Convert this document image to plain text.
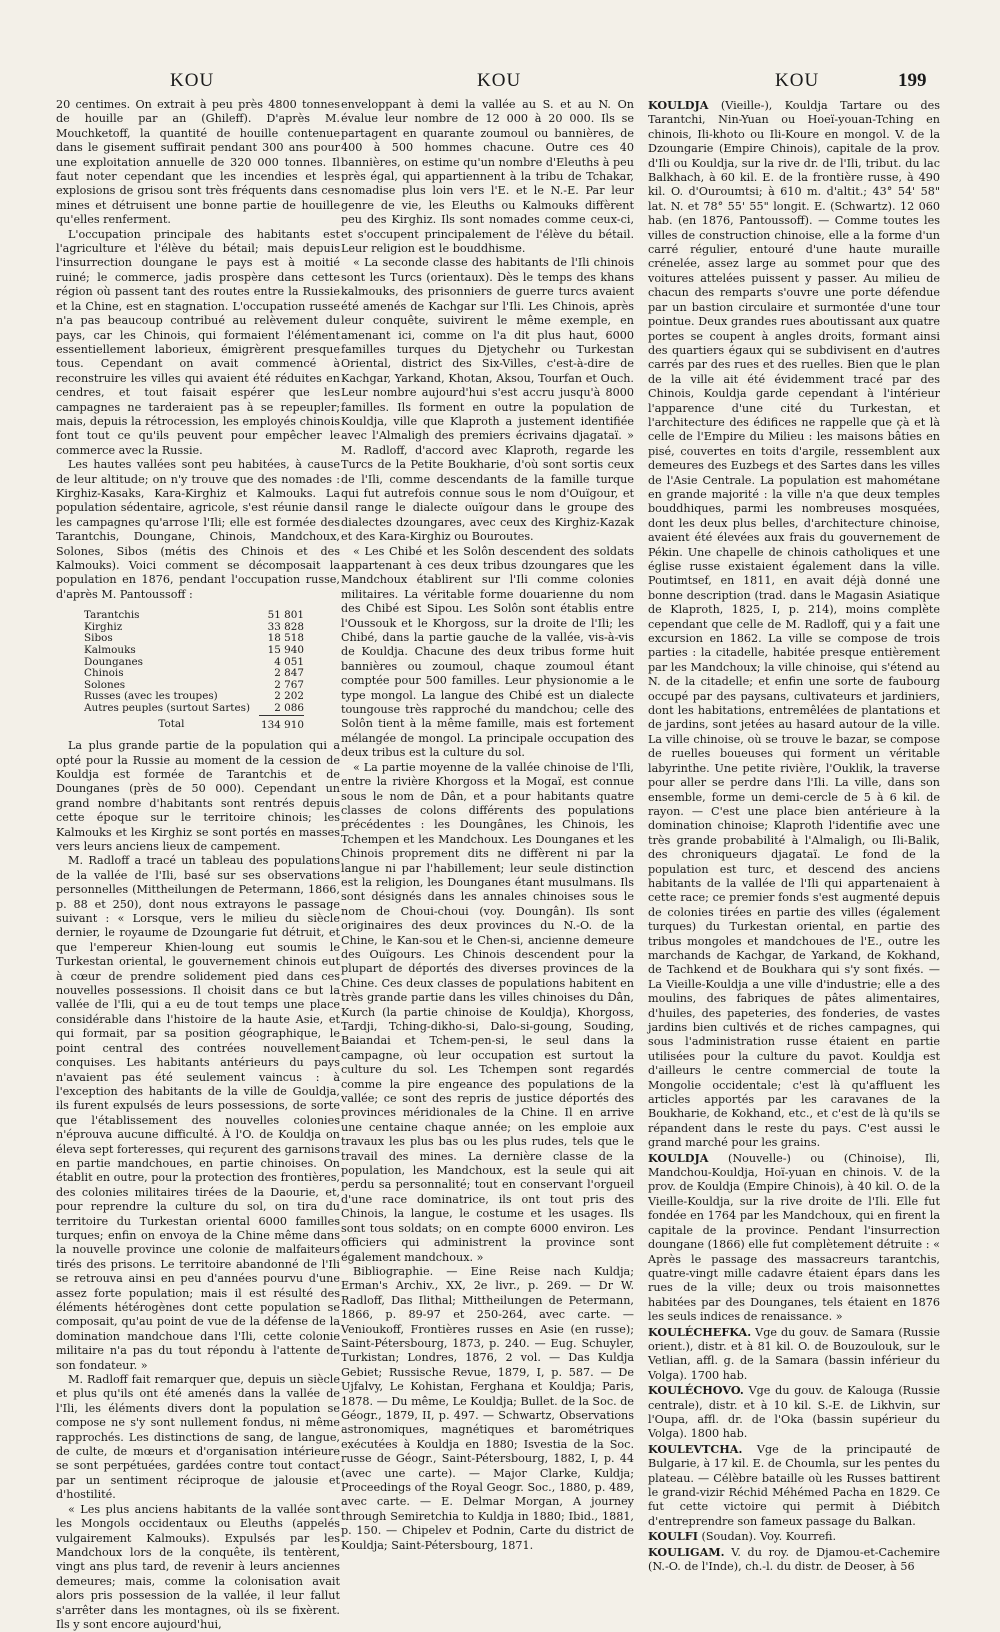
KOU	KOU	KOU	199

20 centimes. On extrait à peu près 4800 tonnes de houille par an (Ghileff). D'après M. Mouchketoff, la quantité de houille contenue dans le gisement suffirait pendant 300 ans pour une exploitation annuelle de 320 000 tonnes. Il faut noter cependant que les incendies et les explosions de grisou sont très fréquents dans ces mines et détruisent une bonne partie de houille qu'elles renferment.

L'occupation principale des habitants est l'agriculture et l'élève du bétail; mais depuis l'insurrection doungane le pays est à moitié ruiné; le commerce, jadis prospère dans cette région où passent tant des routes entre la Russie et la Chine, est en stagnation. L'occupation russe n'a pas beaucoup contribué au relèvement du pays, car les Chinois, qui formaient l'élément essentiellement laborieux, émigrèrent presque tous. Cependant on avait commencé à reconstruire les villes qui avaient été réduites en cendres, et tout faisait espérer que les campagnes ne tarderaient pas à se repeupler; mais, depuis la rétrocession, les employés chinois font tout ce qu'ils peuvent pour empêcher le commerce avec la Russie.

Les hautes vallées sont peu habitées, à cause de leur altitude; on n'y trouve que des nomades : Kirghiz-Kasaks, Kara-Kirghiz et Kalmouks. La population sédentaire, agricole, s'est réunie dans les campagnes qu'arrose l'Ili; elle est formée des Tarantchis, Doungane, Chinois, Mandchoux, Solones, Sibos (métis des Chinois et des Kalmouks). Voici comment se décomposait la population en 1876, pendant l'occupation russe, d'après M. Pantoussoff :

Tarantchis	51 801
Kirghiz	33 828
Sibos	18 518
Kalmouks	15 940
Dounganes	4 051
Chinois	2 847
Solones	2 767
Russes (avec les troupes)	2 202
Autres peuples (surtout Sartes)	2 086
Total	134 910

La plus grande partie de la population qui a opté pour la Russie au moment de la cession de Kouldja est formée de Tarantchis et de Dounganes (près de 50 000). Cependant un grand nombre d'habitants sont rentrés depuis cette époque sur le territoire chinois; les Kalmouks et les Kirghiz se sont portés en masses vers leurs anciens lieux de campement.

M. Radloff a tracé un tableau des populations de la vallée de l'Ili, basé sur ses observations personnelles (Mittheilungen de Petermann, 1866, p. 88 et 250), dont nous extrayons le passage suivant : « Lorsque, vers le milieu du siècle dernier, le royaume de Dzoungarie fut détruit, et que l'empereur Khien-loung eut soumis le Turkestan oriental, le gouvernement chinois eut à cœur de prendre solidement pied dans ces nouvelles possessions. Il choisit dans ce but la vallée de l'Ili, qui a eu de tout temps une place considérable dans l'histoire de la haute Asie, et qui formait, par sa position géographique, le point central des contrées nouvellement conquises. Les habitants antérieurs du pays n'avaient pas été seulement vaincus : à l'exception des habitants de la ville de Gouldja, ils furent expulsés de leurs possessions, de sorte que l'établissement des nouvelles colonies n'éprouva aucune difficulté. À l'O. de Kouldja on éleva sept forteresses, qui reçurent des garnisons en partie mandchoues, en partie chinoises. On établit en outre, pour la protection des frontières, des colonies militaires tirées de la Daourie, et, pour reprendre la culture du sol, on tira du territoire du Turkestan oriental 6000 familles turques; enfin on envoya de la Chine même dans la nouvelle province une colonie de malfaiteurs tirés des prisons. Le territoire abandonné de l'Ili se retrouva ainsi en peu d'années pourvu d'une assez forte population; mais il est résulté des éléments hétérogènes dont cette population se composait, qu'au point de vue de la défense de la domination mandchoue dans l'Ili, cette colonie militaire n'a pas du tout répondu à l'attente de son fondateur. »

M. Radloff fait remarquer que, depuis un siècle et plus qu'ils ont été amenés dans la vallée de l'Ili, les éléments divers dont la population se compose ne s'y sont nullement fondus, ni même rapprochés. Les distinctions de sang, de langue, de culte, de mœurs et d'organisation intérieure se sont perpétuées, gardées contre tout contact par un sentiment réciproque de jalousie et d'hostilité.

« Les plus anciens habitants de la vallée sont les Mongols occidentaux ou Eleuths (appelés vulgairement Kalmouks). Expulsés par les Mandchoux lors de la conquête, ils tentèrent, vingt ans plus tard, de revenir à leurs anciennes demeures; mais, comme la colonisation avait alors pris possession de la vallée, il leur fallut s'arrêter dans les montagnes, où ils se fixèrent. Ils y sont encore aujourd'hui,

enveloppant à demi la vallée au S. et au N. On évalue leur nombre de 12 000 à 20 000. Ils se partagent en quarante zoumoul ou bannières, de 400 à 500 hommes chacune. Outre ces 40 bannières, on estime qu'un nombre d'Eleuths à peu près égal, qui appartiennent à la tribu de Tchakar, nomadise plus loin vers l'E. et le N.-E. Par leur genre de vie, les Eleuths ou Kalmouks diffèrent peu des Kirghiz. Ils sont nomades comme ceux-ci, et s'occupent principalement de l'élève du bétail. Leur religion est le bouddhisme.

« La seconde classe des habitants de l'Ili chinois sont les Turcs (orientaux). Dès le temps des khans kalmouks, des prisonniers de guerre turcs avaient été amenés de Kachgar sur l'Ili. Les Chinois, après leur conquête, suivirent le même exemple, en amenant ici, comme on l'a dit plus haut, 6000 familles turques du Djetychehr ou Turkestan Oriental, district des Six-Villes, c'est-à-dire de Kachgar, Yarkand, Khotan, Aksou, Tourfan et Ouch. Leur nombre aujourd'hui s'est accru jusqu'à 8000 familles. Ils forment en outre la population de Kouldja, ville que Klaproth a justement identifiée avec l'Almaligh des premiers écrivains djagataï. » M. Radloff, d'accord avec Klaproth, regarde les Turcs de la Petite Boukharie, d'où sont sortis ceux de l'Ili, comme descendants de la famille turque qui fut autrefois connue sous le nom d'Ouïgour, et il range le dialecte ouïgour dans le groupe des dialectes dzoungares, avec ceux des Kirghiz-Kazak et des Kara-Kirghiz ou Bouroutes.

« Les Chibé et les Solôn descendent des soldats appartenant à ces deux tribus dzoungares que les Mandchoux établirent sur l'Ili comme colonies militaires. La véritable forme douarienne du nom des Chibé est Sipou. Les Solôn sont établis entre l'Oussouk et le Khorgoss, sur la droite de l'Ili; les Chibé, dans la partie gauche de la vallée, vis-à-vis de Kouldja. Chacune des deux tribus forme huit bannières ou zoumoul, chaque zoumoul étant comptée pour 500 familles. Leur physionomie a le type mongol. La langue des Chibé est un dialecte toungouse très rapproché du mandchou; celle des Solôn tient à la même famille, mais est fortement mélangée de mongol. La principale occupation des deux tribus est la culture du sol.

« La partie moyenne de la vallée chinoise de l'Ili, entre la rivière Khorgoss et la Mogaï, est connue sous le nom de Dân, et a pour habitants quatre classes de colons différents des populations précédentes : les Doungânes, les Chinois, les Tchempen et les Mandchoux. Les Dounganes et les Chinois proprement dits ne diffèrent ni par la langue ni par l'habillement; leur seule distinction est la religion, les Dounganes étant musulmans. Ils sont désignés dans les annales chinoises sous le nom de Choui-choui (voy. Doungân). Ils sont originaires des deux provinces du N.-O. de la Chine, le Kan-sou et le Chen-si, ancienne demeure des Ouïgours. Les Chinois descendent pour la plupart de déportés des diverses provinces de la Chine. Ces deux classes de populations habitent en très grande partie dans les villes chinoises du Dân, Kurch (la partie chinoise de Kouldja), Khorgoss, Tardji, Tching-dikho-si, Dalo-si-goung, Souding, Baiandai et Tchem-pen-si, le seul dans la campagne, où leur occupation est surtout la culture du sol. Les Tchempen sont regardés comme la pire engeance des populations de la vallée; ce sont des repris de justice déportés des provinces méridionales de la Chine. Il en arrive une centaine chaque année; on les emploie aux travaux les plus bas ou les plus rudes, tels que le travail des mines. La dernière classe de la population, les Mandchoux, est la seule qui ait perdu sa personnalité; tout en conservant l'orgueil d'une race dominatrice, ils ont tout pris des Chinois, la langue, le costume et les usages. Ils sont tous soldats; on en compte 6000 environ. Les officiers qui administrent la province sont également mandchoux. »

Bibliographie. — Eine Reise nach Kuldja; Erman's Archiv., XX, 2e livr., p. 269. — Dr W. Radloff, Das Ilithal; Mittheilungen de Petermann, 1866, p. 89-97 et 250-264, avec carte. — Venioukoff, Frontières russes en Asie (en russe); Saint-Pétersbourg, 1873, p. 240. — Eug. Schuyler, Turkistan; Londres, 1876, 2 vol. — Das Kuldja Gebiet; Russische Revue, 1879, I, p. 587. — De Ujfalvy, Le Kohistan, Ferghana et Kouldja; Paris, 1878. — Du même, Le Kouldja; Bullet. de la Soc. de Géogr., 1879, II, p. 497. — Schwartz, Observations astronomiques, magnétiques et barométriques exécutées à Kouldja en 1880; Isvestia de la Soc. russe de Géogr., Saint-Pétersbourg, 1882, I, p. 44 (avec une carte). — Major Clarke, Kuldja; Proceedings of the Royal Geogr. Soc., 1880, p. 489, avec carte. — E. Delmar Morgan, A journey through Semiretchia to Kuldja in 1880; Ibid., 1881, p. 150. — Chipelev et Podnin, Carte du district de Kouldja; Saint-Pétersbourg, 1871.

KOULDJA (Vieille-), Kouldja Tartare ou des Tarantchi, Nin-Yuan ou Hoeï-youan-Tching en chinois, Ili-khoto ou Ili-Koure en mongol. V. de la Dzoungarie (Empire Chinois), capitale de la prov. d'Ili ou Kouldja, sur la rive dr. de l'Ili, tribut. du lac Balkhach, à 60 kil. E. de la frontière russe, à 490 kil. O. d'Ouroumtsi; à 610 m. d'altit.; 43° 54' 58" lat. N. et 78° 55' 55" longit. E. (Schwartz). 12 060 hab. (en 1876, Pantoussoff). — Comme toutes les villes de construction chinoise, elle a la forme d'un carré régulier, entouré d'une haute muraille crénelée, assez large au sommet pour que des voitures attelées puissent y passer. Au milieu de chacun des remparts s'ouvre une porte défendue par un bastion circulaire et surmontée d'une tour pointue. Deux grandes rues aboutissant aux quatre portes se coupent à angles droits, formant ainsi des quartiers égaux qui se subdivisent en d'autres carrés par des rues et des ruelles. Bien que le plan de la ville ait été évidemment tracé par des Chinois, Kouldja garde cependant à l'intérieur l'apparence d'une cité du Turkestan, et l'architecture des édifices ne rappelle que çà et là celle de l'Empire du Milieu : les maisons bâties en pisé, couvertes en toits d'argile, ressemblent aux demeures des Euzbegs et des Sartes dans les villes de l'Asie Centrale. La population est mahométane en grande majorité : la ville n'a que deux temples bouddhiques, parmi les nombreuses mosquées, dont les deux plus belles, d'architecture chinoise, avaient été élevées aux frais du gouvernement de Pékin. Une chapelle de chinois catholiques et une église russe existaient également dans la ville. Poutimtsef, en 1811, en avait déjà donné une bonne description (trad. dans le Magasin Asiatique de Klaproth, 1825, I, p. 214), moins complète cependant que celle de M. Radloff, qui y a fait une excursion en 1862. La ville se compose de trois parties : la citadelle, habitée presque entièrement par les Mandchoux; la ville chinoise, qui s'étend au N. de la citadelle; et enfin une sorte de faubourg occupé par des paysans, cultivateurs et jardiniers, dont les habitations, entremêlées de plantations et de jardins, sont jetées au hasard autour de la ville. La ville chinoise, où se trouve le bazar, se compose de ruelles boueuses qui forment un véritable labyrinthe. Une petite rivière, l'Ouklik, la traverse pour aller se perdre dans l'Ili. La ville, dans son ensemble, forme un demi-cercle de 5 à 6 kil. de rayon. — C'est une place bien antérieure à la domination chinoise; Klaproth l'identifie avec une très grande probabilité à l'Almaligh, ou Ili-Balik, des chroniqueurs djagataï. Le fond de la population est turc, et descend des anciens habitants de la vallée de l'Ili qui appartenaient à cette race; ce premier fonds s'est augmenté depuis de colonies tirées en partie des villes (également turques) du Turkestan oriental, en partie des tribus mongoles et mandchoues de l'E., outre les marchands de Kachgar, de Yarkand, de Kokhand, de Tachkend et de Boukhara qui s'y sont fixés. — La Vieille-Kouldja a une ville d'industrie; elle a des moulins, des fabriques de pâtes alimentaires, d'huiles, des papeteries, des fonderies, de vastes jardins bien cultivés et de riches campagnes, qui sous l'administration russe étaient en partie utilisées pour la culture du pavot. Kouldja est d'ailleurs le centre commercial de toute la Mongolie occidentale; c'est là qu'affluent les articles apportés par les caravanes de la Boukharie, de Kokhand, etc., et c'est de là qu'ils se répandent dans le reste du pays. C'est aussi le grand marché pour les grains.

KOULDJA (Nouvelle-) ou (Chinoise), Ili, Mandchou-Kouldja, Hoï-yuan en chinois. V. de la prov. de Kouldja (Empire Chinois), à 40 kil. O. de la Vieille-Kouldja, sur la rive droite de l'Ili. Elle fut fondée en 1764 par les Mandchoux, qui en firent la capitale de la province. Pendant l'insurrection doungane (1866) elle fut complètement détruite : « Après le passage des massacreurs tarantchis, quatre-vingt mille cadavre étaient épars dans les rues de la ville; deux ou trois maisonnettes habitées par des Dounganes, tels étaient en 1876 les seuls indices de renaissance. »

KOULÉCHEFKA. Vge du gouv. de Samara (Russie orient.), distr. et à 81 kil. O. de Bouzoulouk, sur le Vetlian, affl. g. de la Samara (bassin inférieur du Volga). 1700 hab.

KOULÉCHOVO. Vge du gouv. de Kalouga (Russie centrale), distr. et à 10 kil. S.-E. de Likhvin, sur l'Oupa, affl. dr. de l'Oka (bassin supérieur du Volga). 1800 hab.

KOULEVTCHA. Vge de la principauté de Bulgarie, à 17 kil. E. de Choumla, sur les pentes du plateau. — Célèbre bataille où les Russes battirent le grand-vizir Réchid Méhémed Pacha en 1829. Ce fut cette victoire qui permit à Diébitch d'entreprendre son fameux passage du Balkan.

KOULFI (Soudan). Voy. Kourrefi.

KOULIGAM. V. du roy. de Djamou-et-Cachemire (N.-O. de l'Inde), ch.-l. du distr. de Deoser, à 56
